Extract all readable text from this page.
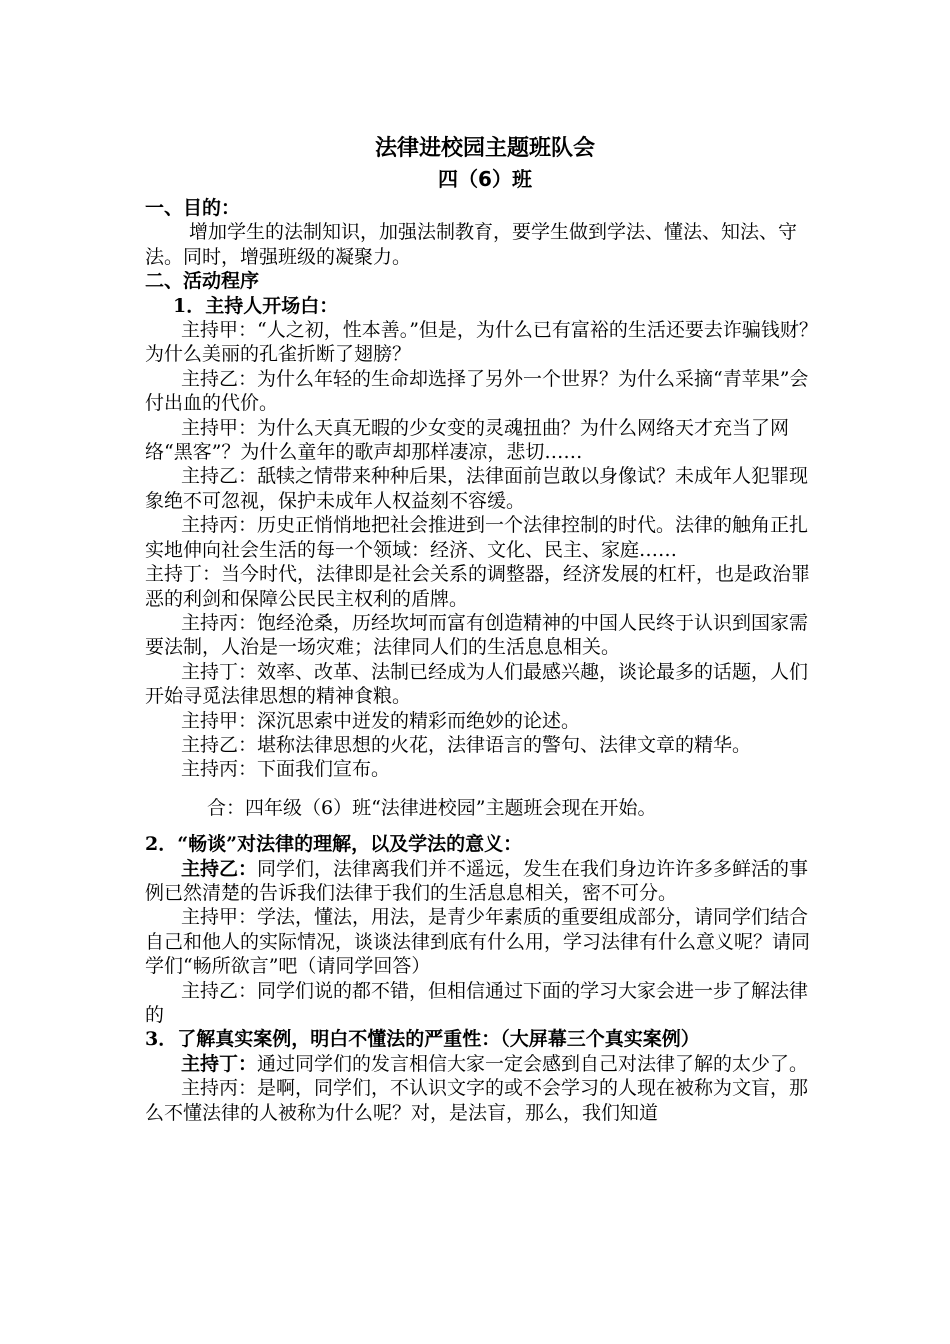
法律进校园主题班队会
四（6）班
一、目的：

增加学生的法制知识，加强法制教育，要学生做到学法、懂法、知法、守法。同时，增强班级的凝聚力。

二、活动程序
1．主持人开场白：

主持甲：“人之初，性本善。”但是，为什么已有富裕的生活还要去诈骗钱财？为什么美丽的孔雀折断了翅膀？

主持乙：为什么年轻的生命却选择了另外一个世界？为什么采摘“青苹果”会付出血的代价。

主持甲：为什么天真无暇的少女变的灵魂扭曲？为什么网络天才充当了网络“黑客”？为什么童年的歌声却那样凄凉，悲切……

主持乙：舐犊之情带来种种后果，法律面前岂敢以身像试？未成年人犯罪现象绝不可忽视，保护未成年人权益刻不容缓。

主持丙：历史正悄悄地把社会推进到一个法律控制的时代。法律的触角正扎实地伸向社会生活的每一个领域：经济、文化、民主、家庭……

主持丁：当今时代，法律即是社会关系的调整器，经济发展的杠杆，也是政治罪恶的利剑和保障公民民主权利的盾牌。

主持丙：饱经沧桑，历经坎坷而富有创造精神的中国人民终于认识到国家需要法制，人治是一场灾难；法律同人们的生活息息相关。

主持丁：效率、改革、法制已经成为人们最感兴趣，谈论最多的话题，人们开始寻觅法律思想的精神食粮。

主持甲：深沉思索中迸发的精彩而绝妙的论述。

主持乙：堪称法律思想的火花，法律语言的警句、法律文章的精华。

主持丙：下面我们宣布。

合：四年级（6）班“法律进校园”主题班会现在开始。

2．“畅谈”对法律的理解，以及学法的意义：

主持乙：同学们，法律离我们并不遥远，发生在我们身边许许多多鲜活的事例已然清楚的告诉我们法律于我们的生活息息相关，密不可分。

主持甲：学法，懂法，用法，是青少年素质的重要组成部分，请同学们结合自己和他人的实际情况，谈谈法律到底有什么用，学习法律有什么意义呢？请同学们“畅所欲言”吧（请同学回答）

主持乙：同学们说的都不错，但相信通过下面的学习大家会进一步了解法律的

3．了解真实案例，明白不懂法的严重性：（大屏幕三个真实案例）

主持丁：通过同学们的发言相信大家一定会感到自己对法律了解的太少了。

主持丙：是啊，同学们，不认识文字的或不会学习的人现在被称为文盲，那么不懂法律的人被称为什么呢？对，是法盲，那么，我们知道
